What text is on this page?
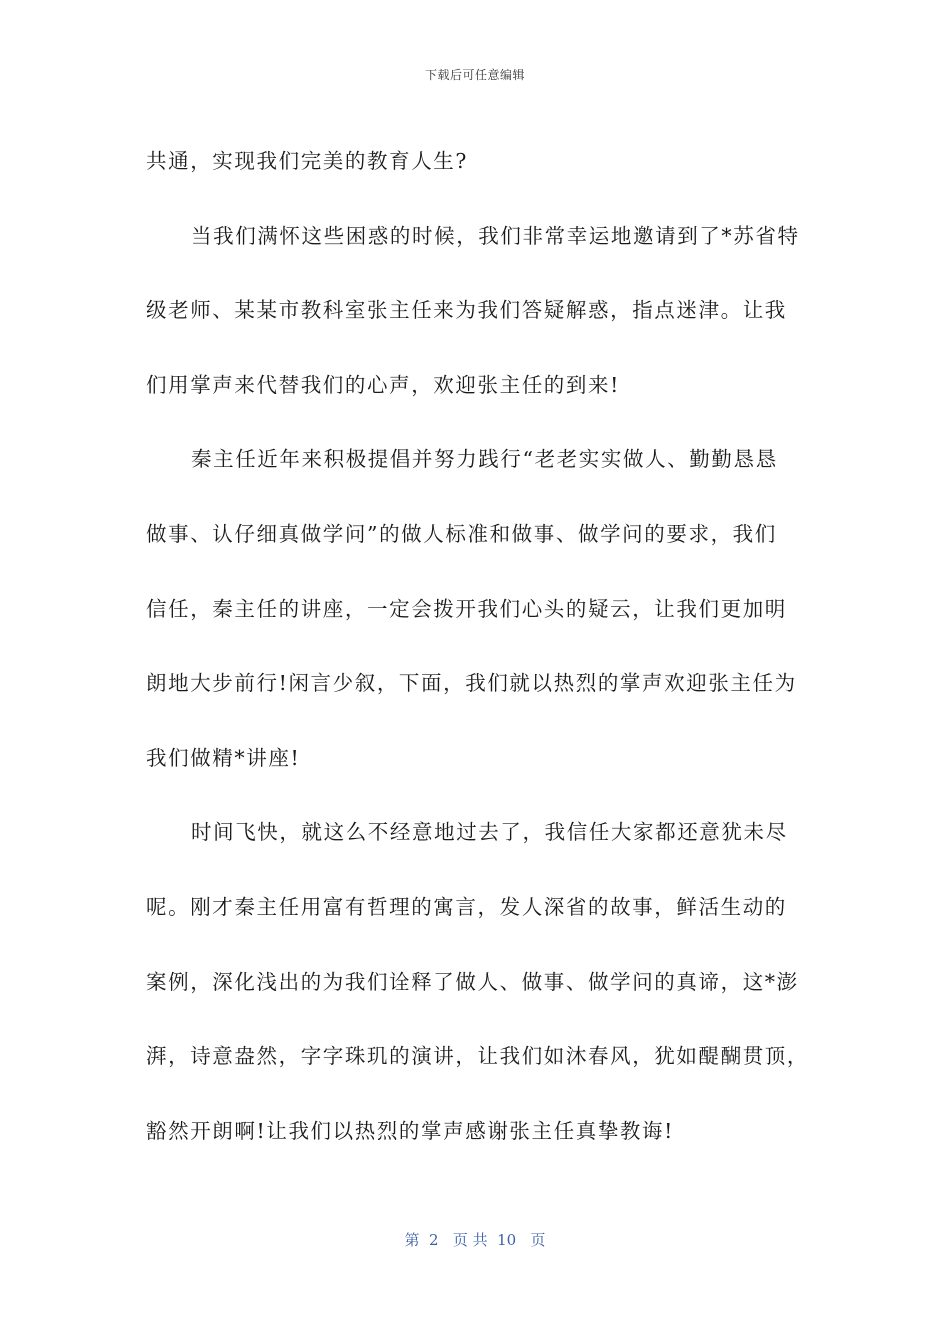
下载后可任意编辑
共通，实现我们完美的教育人生?
当我们满怀这些困惑的时候，我们非常幸运地邀请到了*苏省特
级老师、某某市教科室张主任来为我们答疑解惑，指点迷津。让我
们用掌声来代替我们的心声，欢迎张主任的到来!
秦主任近年来积极提倡并努力践行“老老实实做人、勤勤恳恳
做事、认仔细真做学问”的做人标准和做事、做学问的要求，我们
信任，秦主任的讲座，一定会拨开我们心头的疑云，让我们更加明
朗地大步前行!闲言少叙，下面，我们就以热烈的掌声欢迎张主任为
我们做精*讲座!
时间飞快，就这么不经意地过去了，我信任大家都还意犹未尽
呢。刚才秦主任用富有哲理的寓言，发人深省的故事，鲜活生动的
案例，深化浅出的为我们诠释了做人、做事、做学问的真谛，这*澎
湃，诗意盎然，字字珠玑的演讲，让我们如沐春风，犹如醍醐贯顶，
豁然开朗啊!让我们以热烈的掌声感谢张主任真挚教诲!
第  2   页 共  10   页
